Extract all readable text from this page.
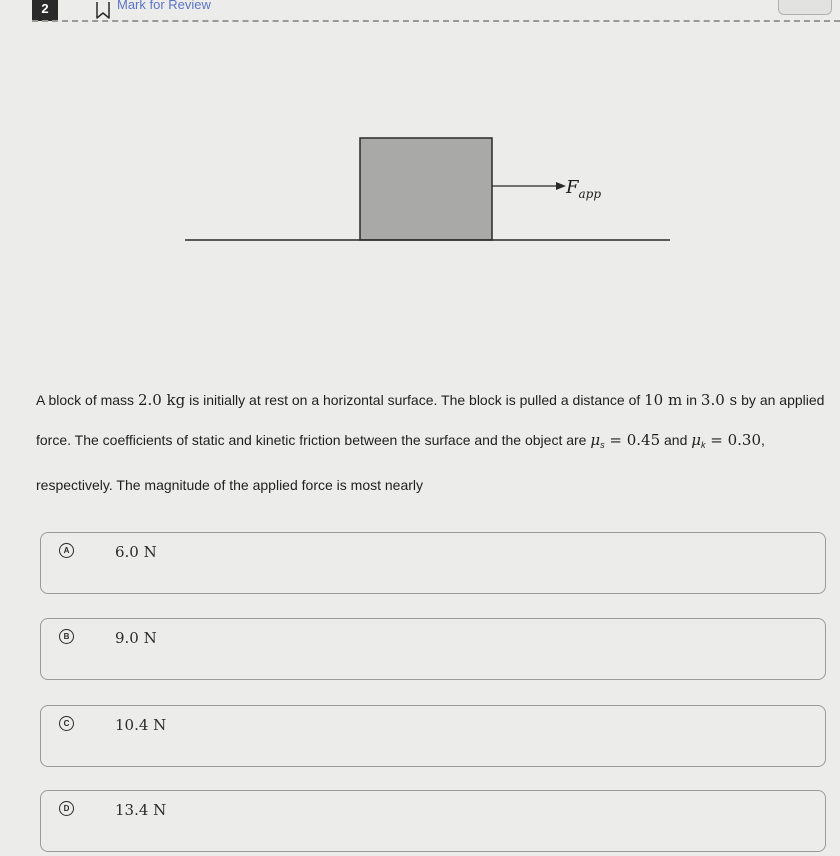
2	Mark for Review
$F_{app}$

A block of mass 2.0 kg is initially at rest on a horizontal surface. The block is pulled a distance of 10 m in 3.0 s by an applied force. The coefficients of static and kinetic friction between the surface and the object are $\mu_s = 0.45$ and $\mu_k = 0.30$, respectively. The magnitude of the applied force is most nearly

A	6.0 N
B	9.0 N
C	10.4 N
D	13.4 N
